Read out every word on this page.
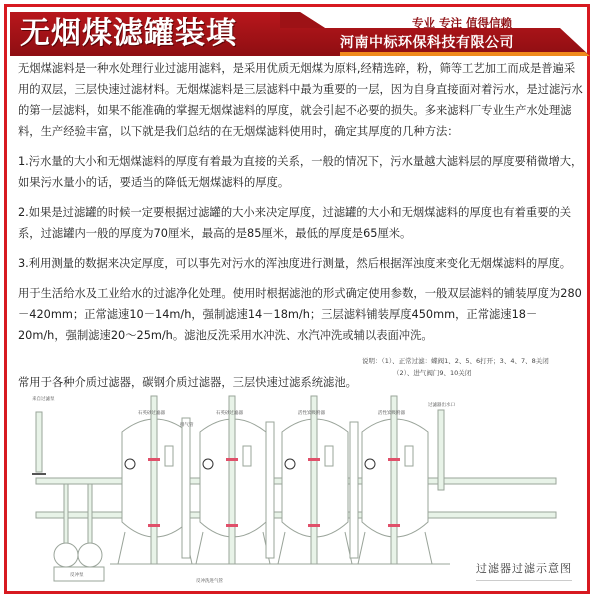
无烟煤滤罐装填	专业 专注 值得信赖
河南中标环保科技有限公司

无烟煤滤料是一种水处理行业过滤用滤料，是采用优质无烟煤为原料,经精选碎，粉，筛等工艺加工而成是普遍采用的双层，三层快速过滤材料。无烟煤滤料是三层滤料中最为重要的一层，因为自身直接面对着污水，是过滤污水的第一层滤料，如果不能准确的掌握无烟煤滤料的厚度，就会引起不必要的损失。多来滤料厂专业生产水处理滤料，生产经验丰富，以下就是我们总结的在无烟煤滤料使用时，确定其厚度的几种方法：

1.污水量的大小和无烟煤滤料的厚度有着最为直接的关系，一般的情况下，污水量越大滤料层的厚度要稍微增大，如果污水量小的话，要适当的降低无烟煤滤料的厚度。

2.如果是过滤罐的时候一定要根据过滤罐的大小来决定厚度，过滤罐的大小和无烟煤滤料的厚度也有着重要的关系，过滤罐内一般的厚度为70厘米，最高的是85厘米，最低的厚度是65厘米。

3.利用测量的数据来决定厚度，可以事先对污水的浑浊度进行测量，然后根据浑浊度来变化无烟煤滤料的厚度。

用于生活给水及工业给水的过滤净化处理。使用时根据滤池的形式确定使用参数，一般双层滤料的铺装厚度为280－420mm；正常滤速10－14m/h，强制滤速14－18m/h；三层滤料铺装厚度450mm，正常滤速18－20m/h，强制滤速20～25m/h。滤池反洗采用水冲洗、水汽冲洗或辅以表面冲洗。

说明：（1）、正常过滤：蝶阀1、2、5、6打开；3、4、7、8关闭
（2）、进气阀门9、10关闭
常用于各种介质过滤器，碳钢介质过滤器，三层快速过滤系统滤池。
来自过滤泵
石英砂过滤器	石英砂过滤器	活性炭吸附器	活性炭吸附器
排气管
过滤器出水口
反冲泵
反冲洗进气管
过滤器过滤示意图
